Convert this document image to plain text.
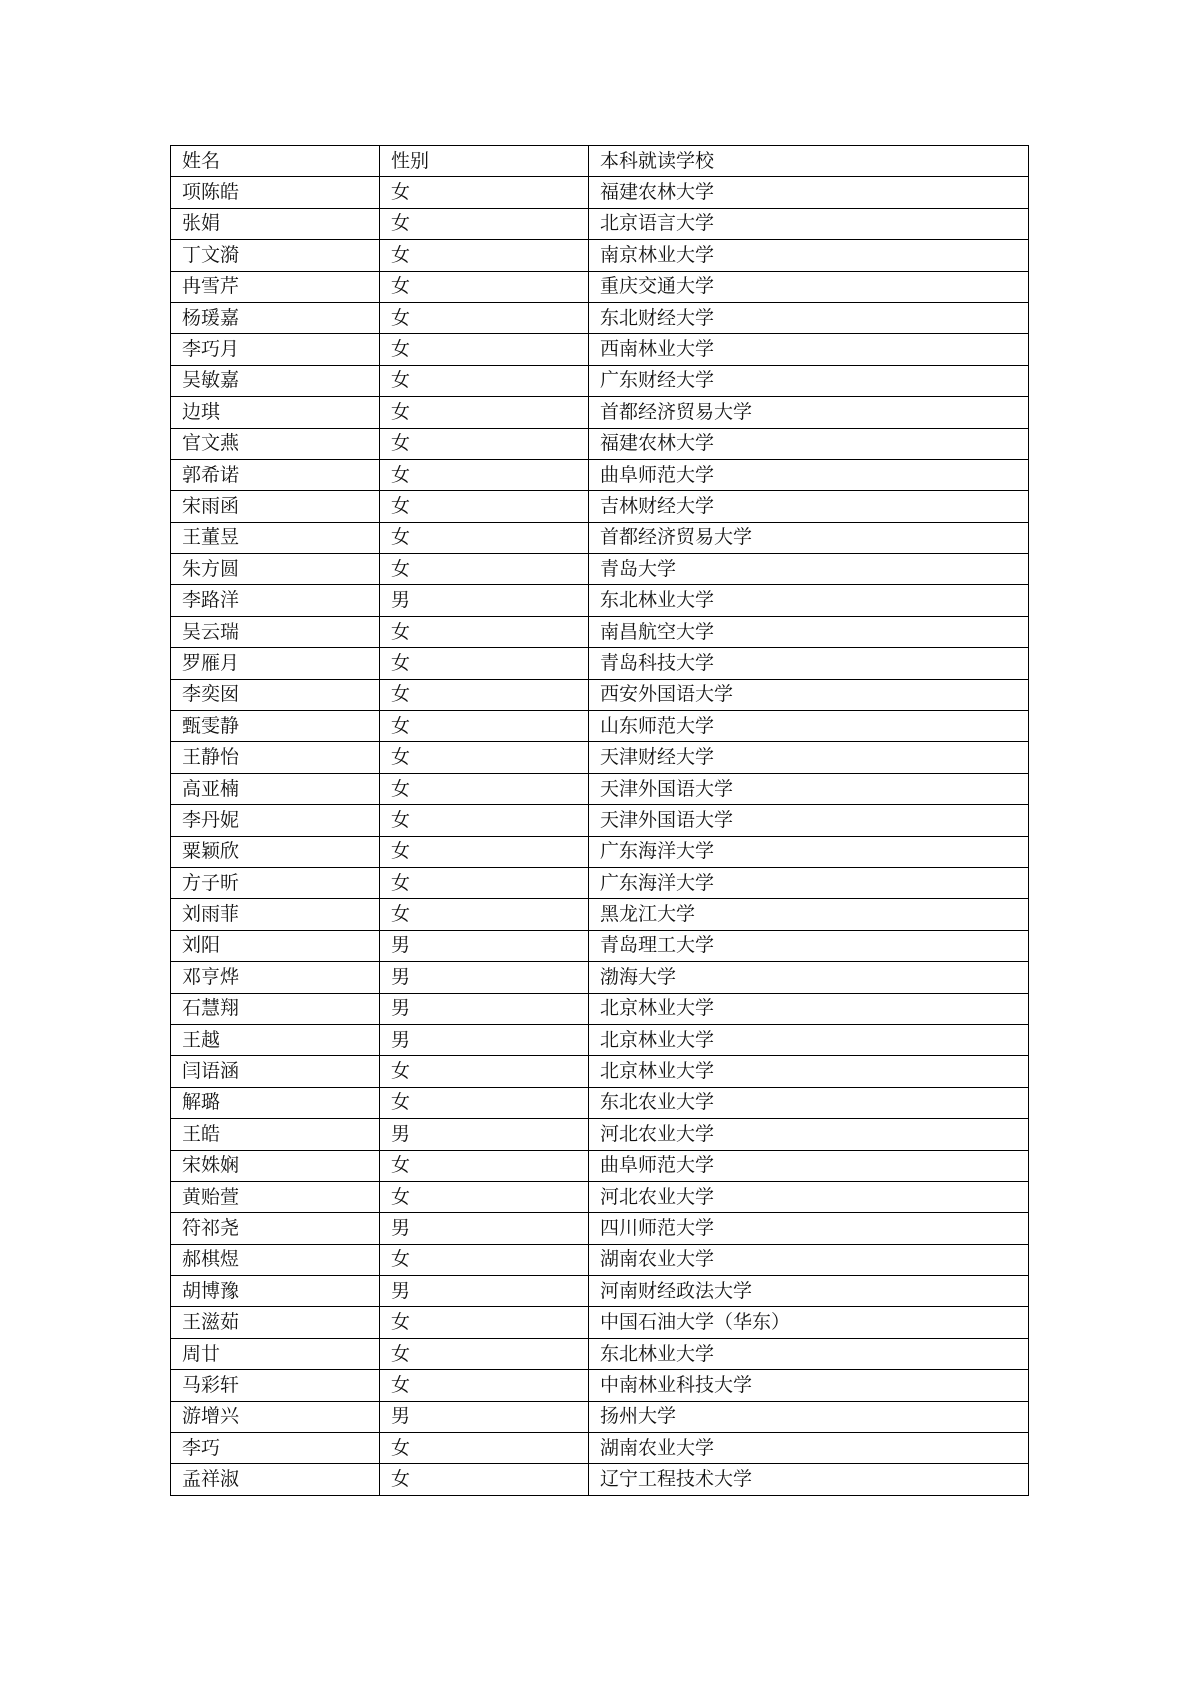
姓名	性别	本科就读学校
项陈皓	女	福建农林大学
张娟	女	北京语言大学
丁文漪	女	南京林业大学
冉雪芹	女	重庆交通大学
杨瑗嘉	女	东北财经大学
李巧月	女	西南林业大学
吴敏嘉	女	广东财经大学
边琪	女	首都经济贸易大学
官文燕	女	福建农林大学
郭希诺	女	曲阜师范大学
宋雨函	女	吉林财经大学
王董昱	女	首都经济贸易大学
朱方圆	女	青岛大学
李路洋	男	东北林业大学
吴云瑞	女	南昌航空大学
罗雁月	女	青岛科技大学
李奕囡	女	西安外国语大学
甄雯静	女	山东师范大学
王静怡	女	天津财经大学
高亚楠	女	天津外国语大学
李丹妮	女	天津外国语大学
粟颖欣	女	广东海洋大学
方子昕	女	广东海洋大学
刘雨菲	女	黑龙江大学
刘阳	男	青岛理工大学
邓亨烨	男	渤海大学
石慧翔	男	北京林业大学
王越	男	北京林业大学
闫语涵	女	北京林业大学
解璐	女	东北农业大学
王皓	男	河北农业大学
宋姝娴	女	曲阜师范大学
黄贻萱	女	河北农业大学
符祁尧	男	四川师范大学
郝棋煜	女	湖南农业大学
胡博豫	男	河南财经政法大学
王滋茹	女	中国石油大学（华东）
周廿	女	东北林业大学
马彩轩	女	中南林业科技大学
游增兴	男	扬州大学
李巧	女	湖南农业大学
孟祥淑	女	辽宁工程技术大学
